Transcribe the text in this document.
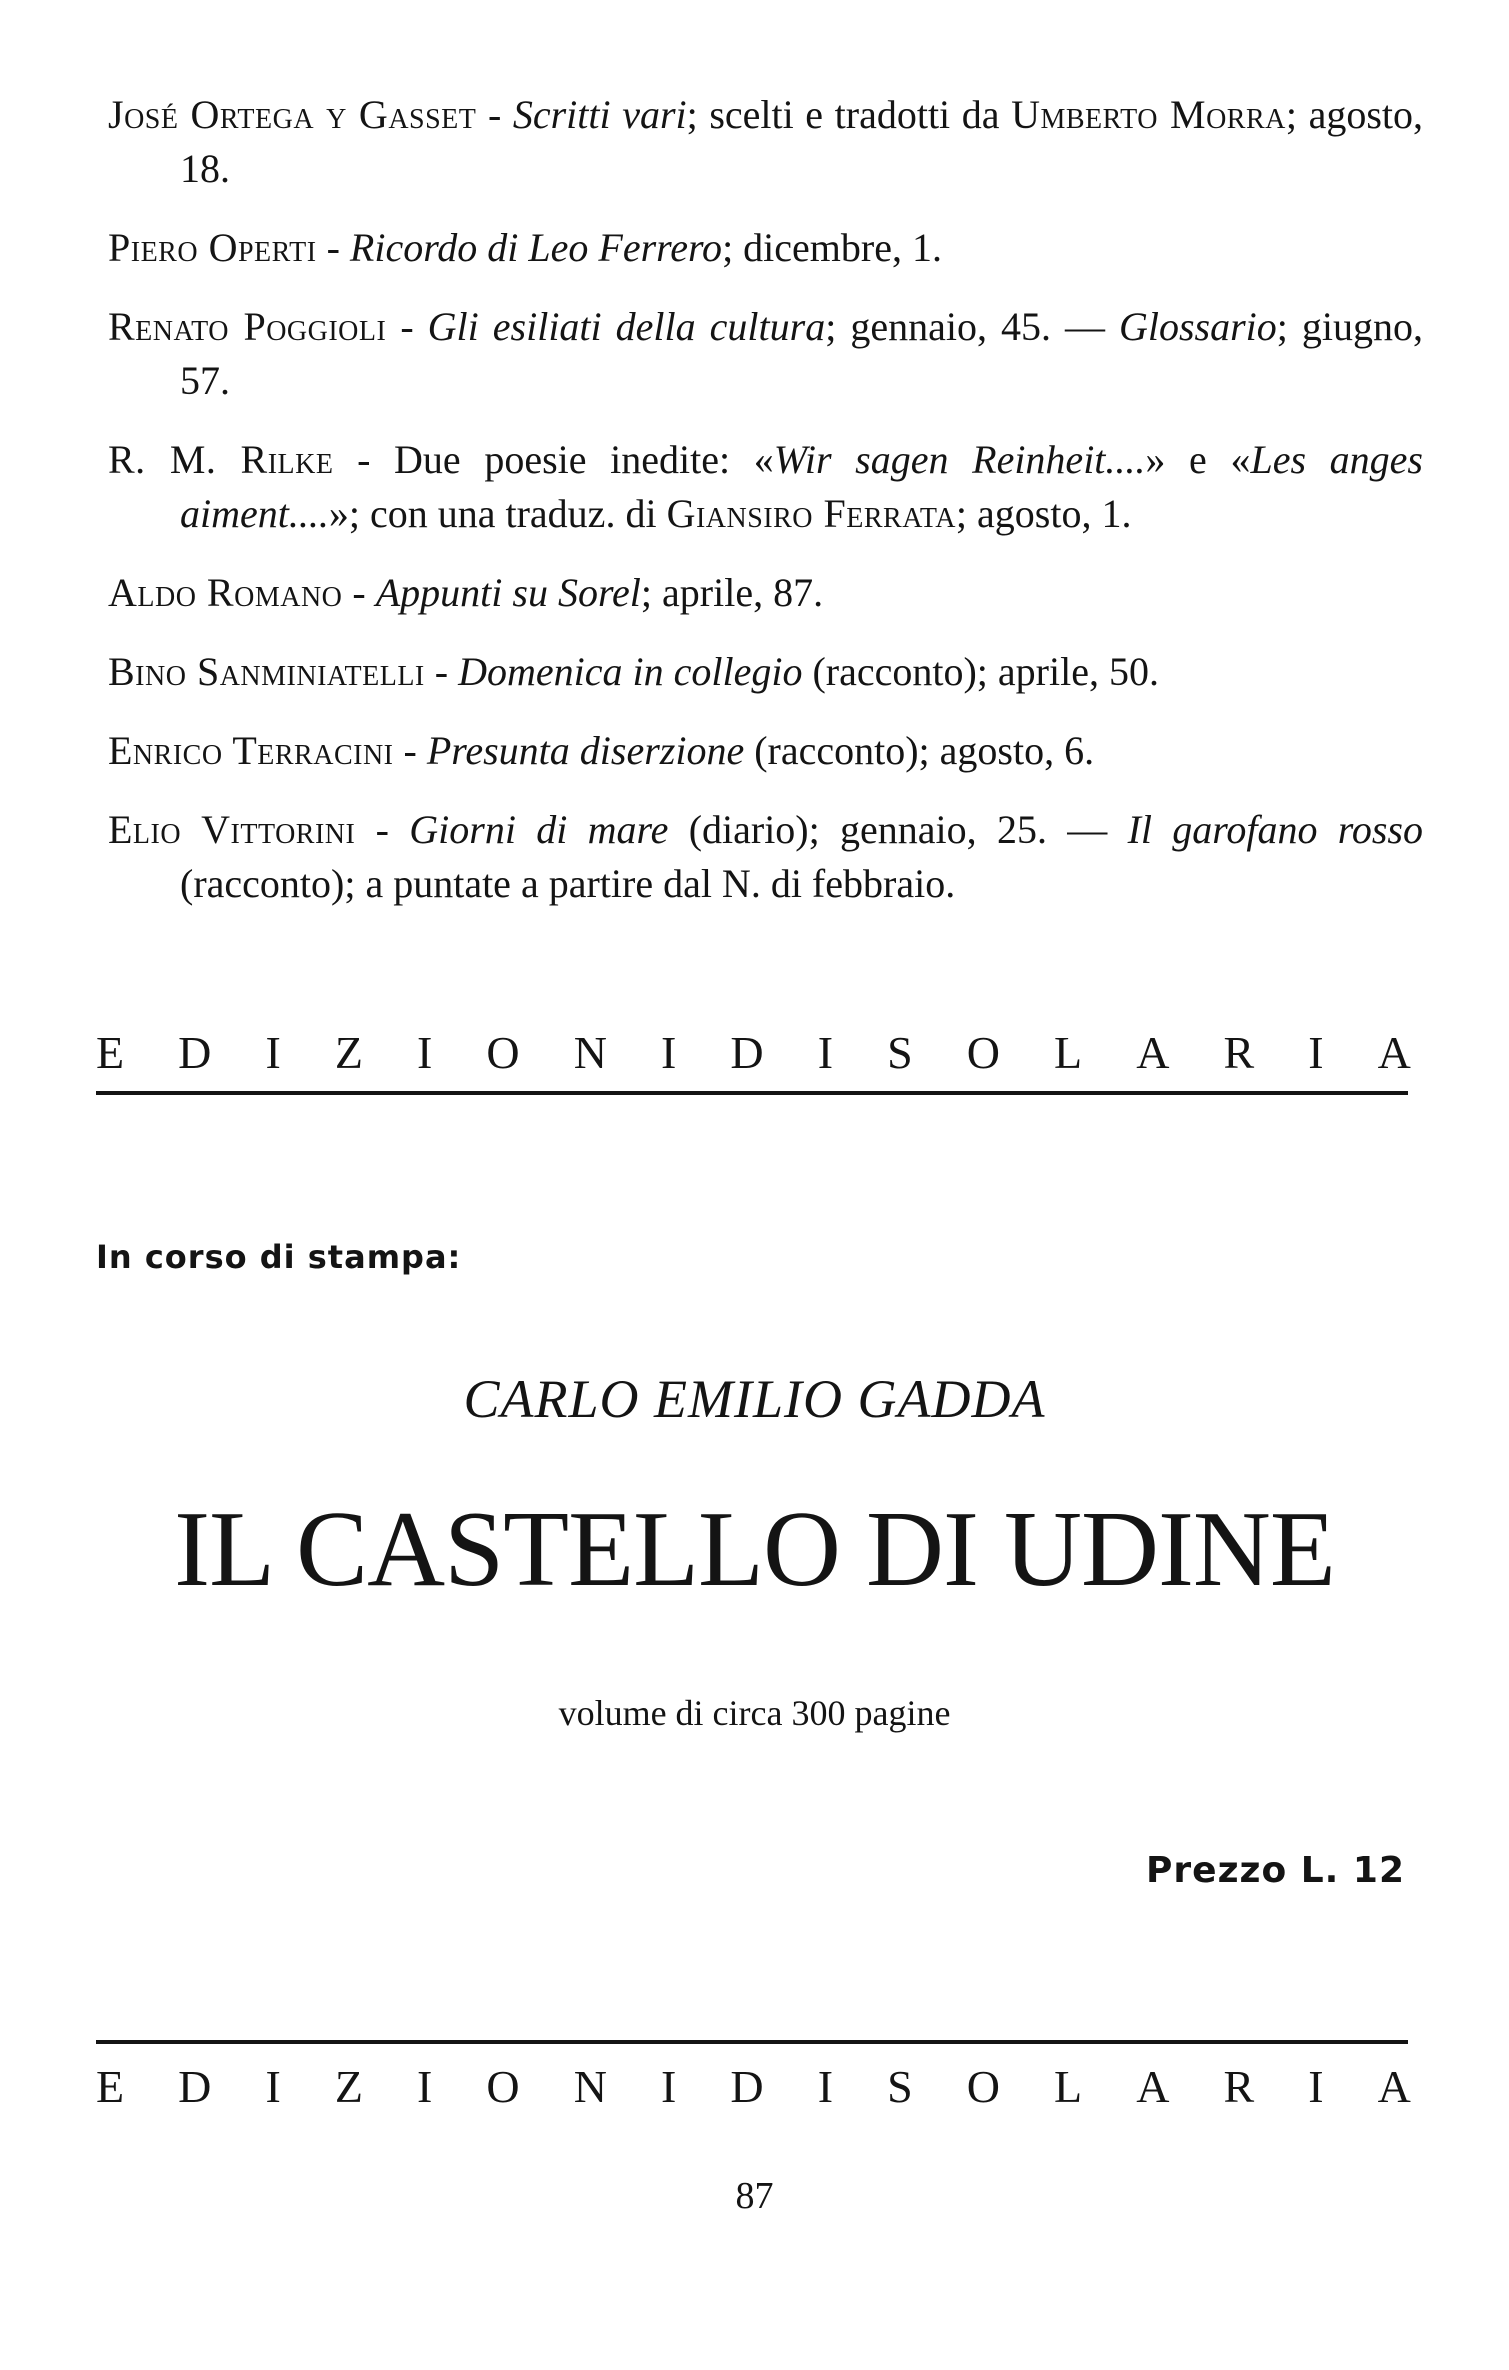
José Ortega y Gasset - Scritti vari; scelti e tradotti da Umberto Morra; agosto, 18.
Piero Operti - Ricordo di Leo Ferrero; dicembre, 1.
Renato Poggioli - Gli esiliati della cultura; gennaio, 45. — Glossario; giugno, 57.
R. M. Rilke - Due poesie inedite: «Wir sagen Reinheit....» e «Les anges aiment....»; con una traduz. di Giansiro Ferrata; agosto, 1.
Aldo Romano - Appunti su Sorel; aprile, 87.
Bino Sanminiatelli - Domenica in collegio (racconto); aprile, 50.
Enrico Terracini - Presunta diserzione (racconto); agosto, 6.
Elio Vittorini - Giorni di mare (diario); gennaio, 25. — Il garofano rosso (racconto); a puntate a partire dal N. di febbraio.
E D I Z I O N I D I S O L A R I A
In corso di stampa:
CARLO EMILIO GADDA
IL CASTELLO DI UDINE
volume di circa 300 pagine
Prezzo L. 12
E D I Z I O N I D I S O L A R I A
87
